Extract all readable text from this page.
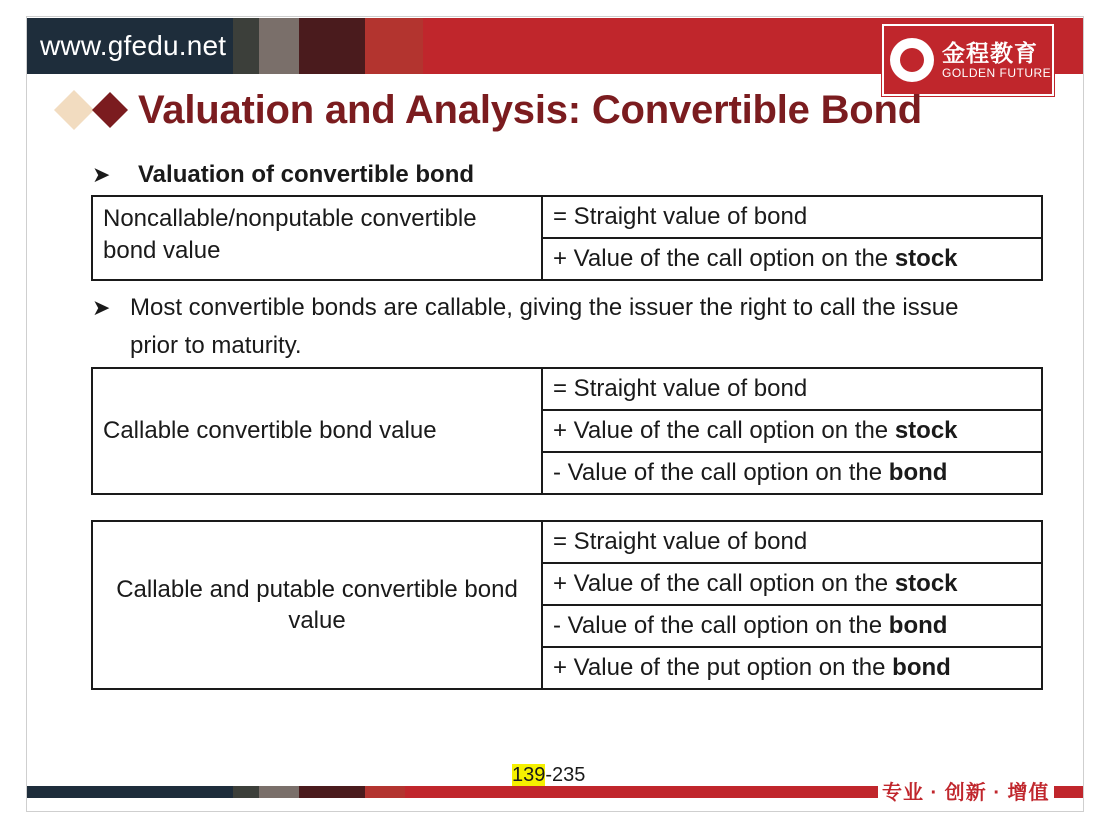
www.gfedu.net	金程教育
GOLDEN FUTURE
Valuation and Analysis: Convertible Bond
➤ Valuation of convertible bond
Noncallable/nonputable convertible bond value	= Straight value of bond
+ Value of the call option on the stock
➤ Most convertible bonds are callable, giving the issuer the right to call the issue prior to maturity.
Callable convertible bond value	= Straight value of bond
+ Value of the call option on the stock
- Value of the call option on the bond
Callable and putable convertible bond value	= Straight value of bond
+ Value of the call option on the stock
- Value of the call option on the bond
+ Value of the put option on the bond
139-235
专业 · 创新 · 增值
